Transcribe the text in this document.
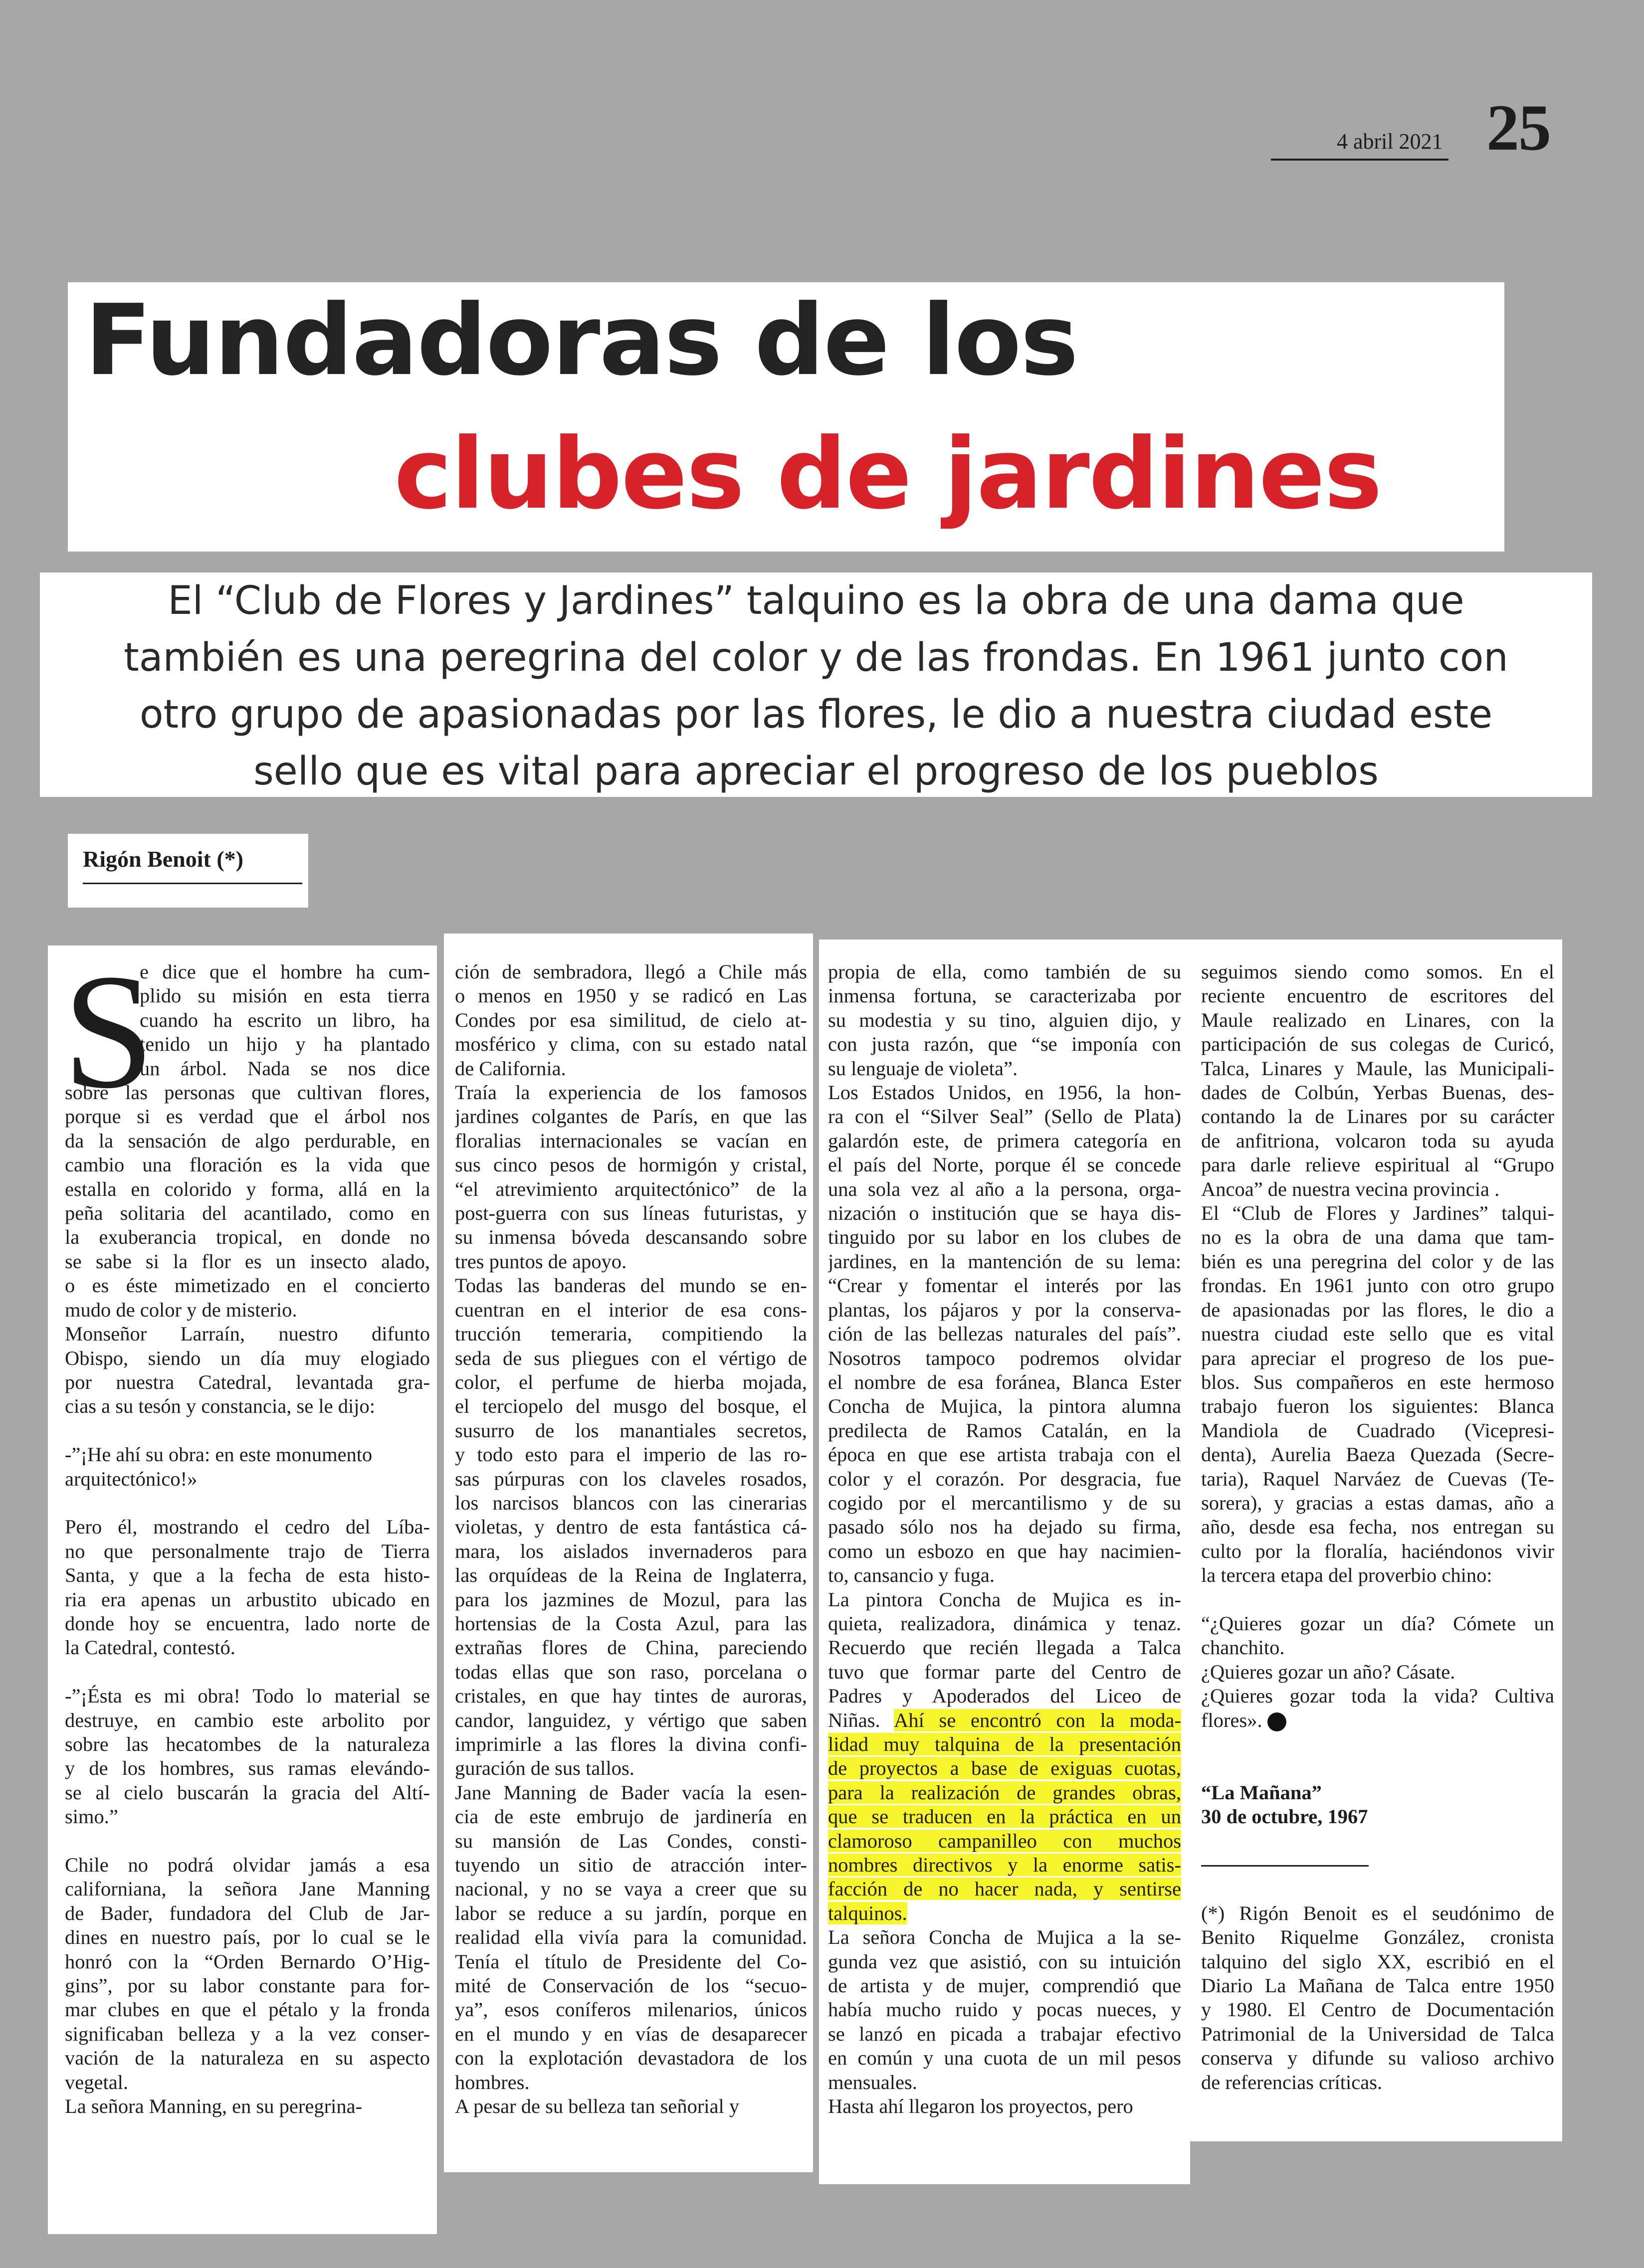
4 abril 2021 25
Fundadoras de los
clubes de jardines
El “Club de Flores y Jardines” talquino es la obra de una dama que
también es una peregrina del color y de las frondas. En 1961 junto con
otro grupo de apasionadas por las flores, le dio a nuestra ciudad este
sello que es vital para apreciar el progreso de los pueblos
Rigón Benoit (*)
S
e dice que el hombre ha cum-
plido su misión en esta tierra
cuando ha escrito un libro, ha
tenido un hijo y ha plantado
un árbol. Nada se nos dice
sobre las personas que cultivan flores,
porque si es verdad que el árbol nos
da la sensación de algo perdurable, en
cambio una floración es la vida que
estalla en colorido y forma, allá en la
peña solitaria del acantilado, como en
la exuberancia tropical, en donde no
se sabe si la flor es un insecto alado,
o es éste mimetizado en el concierto
mudo de color y de misterio.
Monseñor Larraín, nuestro difunto
Obispo, siendo un día muy elogiado
por nuestra Catedral, levantada gra-
cias a su tesón y constancia, se le dijo:
-”¡He ahí su obra: en este monumento
arquitectónico!»
Pero él, mostrando el cedro del Líba-
no que personalmente trajo de Tierra
Santa, y que a la fecha de esta histo-
ria era apenas un arbustito ubicado en
donde hoy se encuentra, lado norte de
la Catedral, contestó.
-”¡Ésta es mi obra! Todo lo material se
destruye, en cambio este arbolito por
sobre las hecatombes de la naturaleza
y de los hombres, sus ramas elevándo-
se al cielo buscarán la gracia del Altí-
simo.”
Chile no podrá olvidar jamás a esa
californiana, la señora Jane Manning
de Bader, fundadora del Club de Jar-
dines en nuestro país, por lo cual se le
honró con la “Orden Bernardo O’Hig-
gins”, por su labor constante para for-
mar clubes en que el pétalo y la fronda
significaban belleza y a la vez conser-
vación de la naturaleza en su aspecto
vegetal.
La señora Manning, en su peregrina-
ción de sembradora, llegó a Chile más
o menos en 1950 y se radicó en Las
Condes por esa similitud, de cielo at-
mosférico y clima, con su estado natal
de California.
Traía la experiencia de los famosos
jardines colgantes de París, en que las
floralias internacionales se vacían en
sus cinco pesos de hormigón y cristal,
“el atrevimiento arquitectónico” de la
post-guerra con sus líneas futuristas, y
su inmensa bóveda descansando sobre
tres puntos de apoyo.
Todas las banderas del mundo se en-
cuentran en el interior de esa cons-
trucción temeraria, compitiendo la
seda de sus pliegues con el vértigo de
color, el perfume de hierba mojada,
el terciopelo del musgo del bosque, el
susurro de los manantiales secretos,
y todo esto para el imperio de las ro-
sas púrpuras con los claveles rosados,
los narcisos blancos con las cinerarias
violetas, y dentro de esta fantástica cá-
mara, los aislados invernaderos para
las orquídeas de la Reina de Inglaterra,
para los jazmines de Mozul, para las
hortensias de la Costa Azul, para las
extrañas flores de China, pareciendo
todas ellas que son raso, porcelana o
cristales, en que hay tintes de auroras,
candor, languidez, y vértigo que saben
imprimirle a las flores la divina confi-
guración de sus tallos.
Jane Manning de Bader vacía la esen-
cia de este embrujo de jardinería en
su mansión de Las Condes, consti-
tuyendo un sitio de atracción inter-
nacional, y no se vaya a creer que su
labor se reduce a su jardín, porque en
realidad ella vivía para la comunidad.
Tenía el título de Presidente del Co-
mité de Conservación de los “secuo-
ya”, esos coníferos milenarios, únicos
en el mundo y en vías de desaparecer
con la explotación devastadora de los
hombres.
A pesar de su belleza tan señorial y
propia de ella, como también de su
inmensa fortuna, se caracterizaba por
su modestia y su tino, alguien dijo, y
con justa razón, que “se imponía con
su lenguaje de violeta”.
Los Estados Unidos, en 1956, la hon-
ra con el “Silver Seal” (Sello de Plata)
galardón este, de primera categoría en
el país del Norte, porque él se concede
una sola vez al año a la persona, orga-
nización o institución que se haya dis-
tinguido por su labor en los clubes de
jardines, en la mantención de su lema:
“Crear y fomentar el interés por las
plantas, los pájaros y por la conserva-
ción de las bellezas naturales del país”.
Nosotros tampoco podremos olvidar
el nombre de esa foránea, Blanca Ester
Concha de Mujica, la pintora alumna
predilecta de Ramos Catalán, en la
época en que ese artista trabaja con el
color y el corazón. Por desgracia, fue
cogido por el mercantilismo y de su
pasado sólo nos ha dejado su firma,
como un esbozo en que hay nacimien-
to, cansancio y fuga.
La pintora Concha de Mujica es in-
quieta, realizadora, dinámica y tenaz.
Recuerdo que recién llegada a Talca
tuvo que formar parte del Centro de
Padres y Apoderados del Liceo de
Niñas. Ahí se encontró con la moda-
lidad muy talquina de la presentación
de proyectos a base de exiguas cuotas,
para la realización de grandes obras,
que se traducen en la práctica en un
clamoroso campanilleo con muchos
nombres directivos y la enorme satis-
facción de no hacer nada, y sentirse
talquinos.
La señora Concha de Mujica a la se-
gunda vez que asistió, con su intuición
de artista y de mujer, comprendió que
había mucho ruido y pocas nueces, y
se lanzó en picada a trabajar efectivo
en común y una cuota de un mil pesos
mensuales.
Hasta ahí llegaron los proyectos, pero
seguimos siendo como somos. En el
reciente encuentro de escritores del
Maule realizado en Linares, con la
participación de sus colegas de Curicó,
Talca, Linares y Maule, las Municipali-
dades de Colbún, Yerbas Buenas, des-
contando la de Linares por su carácter
de anfitriona, volcaron toda su ayuda
para darle relieve espiritual al “Grupo
Ancoa” de nuestra vecina provincia .
El “Club de Flores y Jardines” talqui-
no es la obra de una dama que tam-
bién es una peregrina del color y de las
frondas. En 1961 junto con otro grupo
de apasionadas por las flores, le dio a
nuestra ciudad este sello que es vital
para apreciar el progreso de los pue-
blos. Sus compañeros en este hermoso
trabajo fueron los siguientes: Blanca
Mandiola de Cuadrado (Vicepresi-
denta), Aurelia Baeza Quezada (Secre-
taria), Raquel Narváez de Cuevas (Te-
sorera), y gracias a estas damas, año a
año, desde esa fecha, nos entregan su
culto por la floralía, haciéndonos vivir
la tercera etapa del proverbio chino:
“¿Quieres gozar un día? Cómete un
chanchito.
¿Quieres gozar un año? Cásate.
¿Quieres gozar toda la vida? Cultiva
flores».
“La Mañana”
30 de octubre, 1967
(*) Rigón Benoit es el seudónimo de
Benito Riquelme González, cronista
talquino del siglo XX, escribió en el
Diario La Mañana de Talca entre 1950
y 1980. El Centro de Documentación
Patrimonial de la Universidad de Talca
conserva y difunde su valioso archivo
de referencias críticas.
